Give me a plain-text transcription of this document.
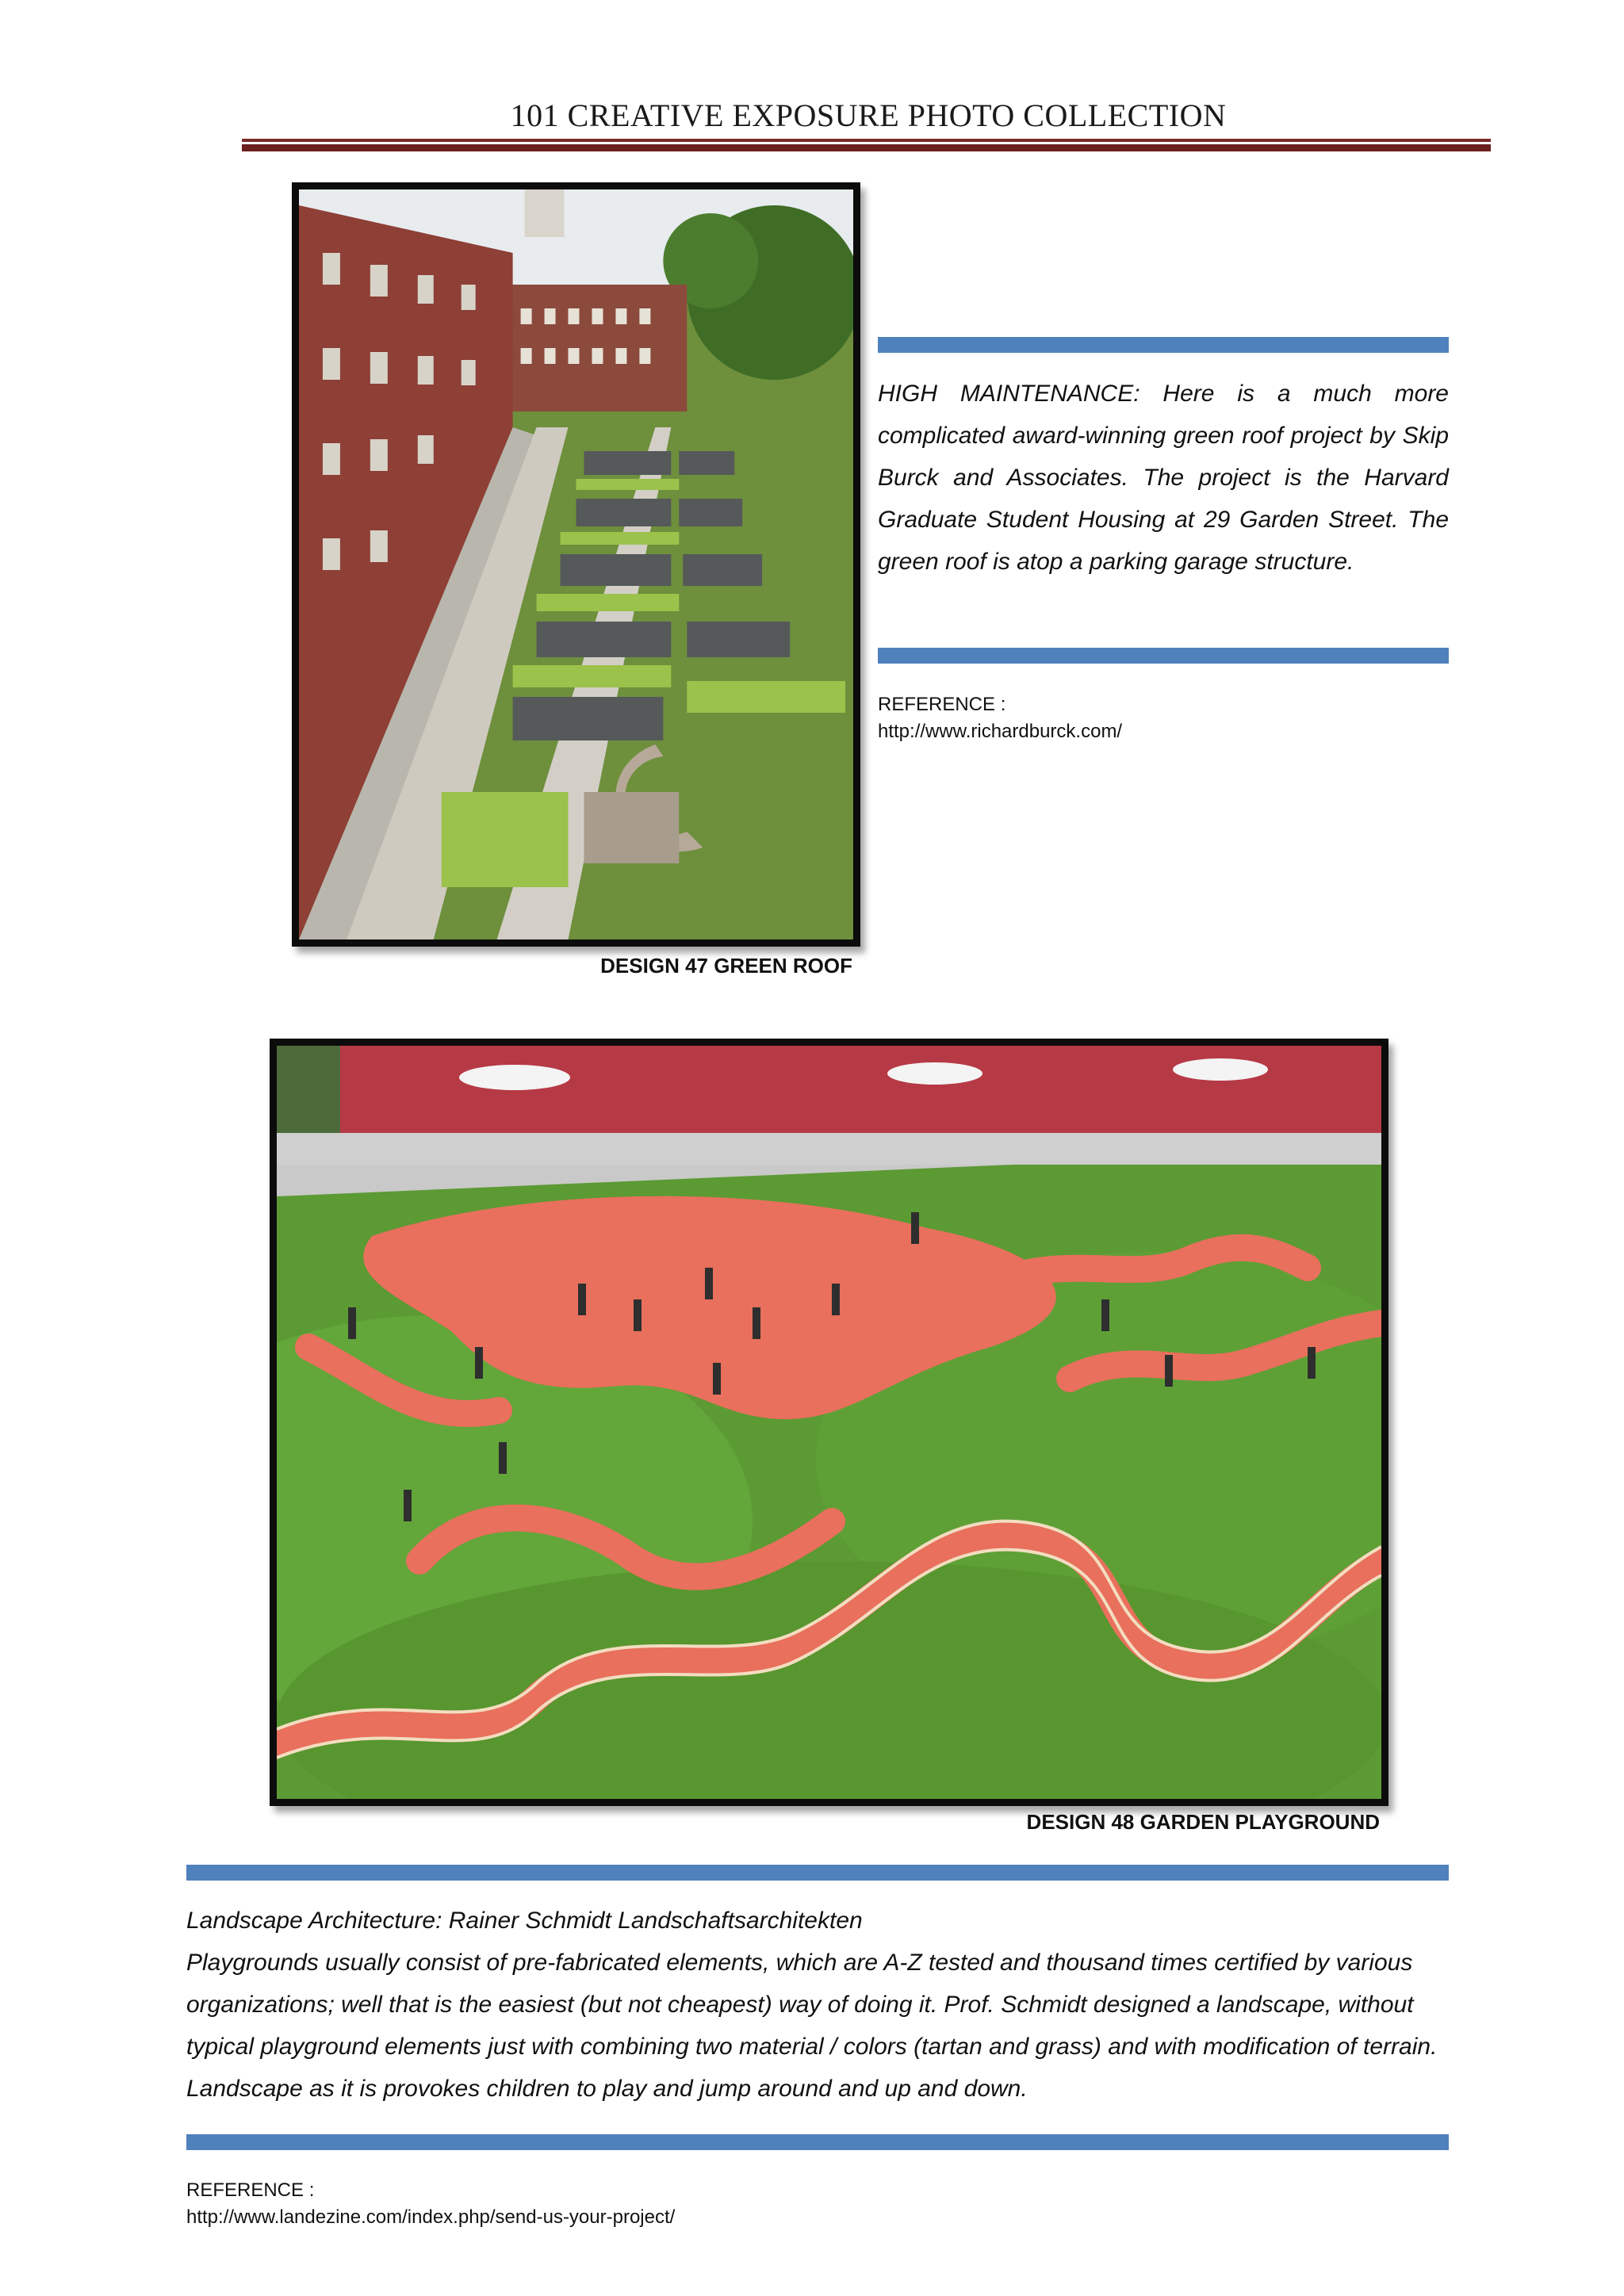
101 CREATIVE EXPOSURE PHOTO COLLECTION
DESIGN 47 GREEN ROOF
HIGH MAINTENANCE: Here is a much more complicated award-winning green roof project by Skip Burck and Associates. The project is the Harvard Graduate Student Housing at 29 Garden Street. The green roof is atop a parking garage structure.
REFERENCE :
http://www.richardburck.com/
DESIGN 48 GARDEN PLAYGROUND
Landscape Architecture: Rainer Schmidt Landschaftsarchitekten
Playgrounds usually consist of pre-fabricated elements, which are A-Z tested and thousand times certified by various organizations; well that is the easiest (but not cheapest) way of doing it. Prof. Schmidt designed a landscape, without typical playground elements just with combining two material / colors (tartan and grass) and with modification of terrain. Landscape as it is provokes children to play and jump around and up and down.
REFERENCE :
http://www.landezine.com/index.php/send-us-your-project/
